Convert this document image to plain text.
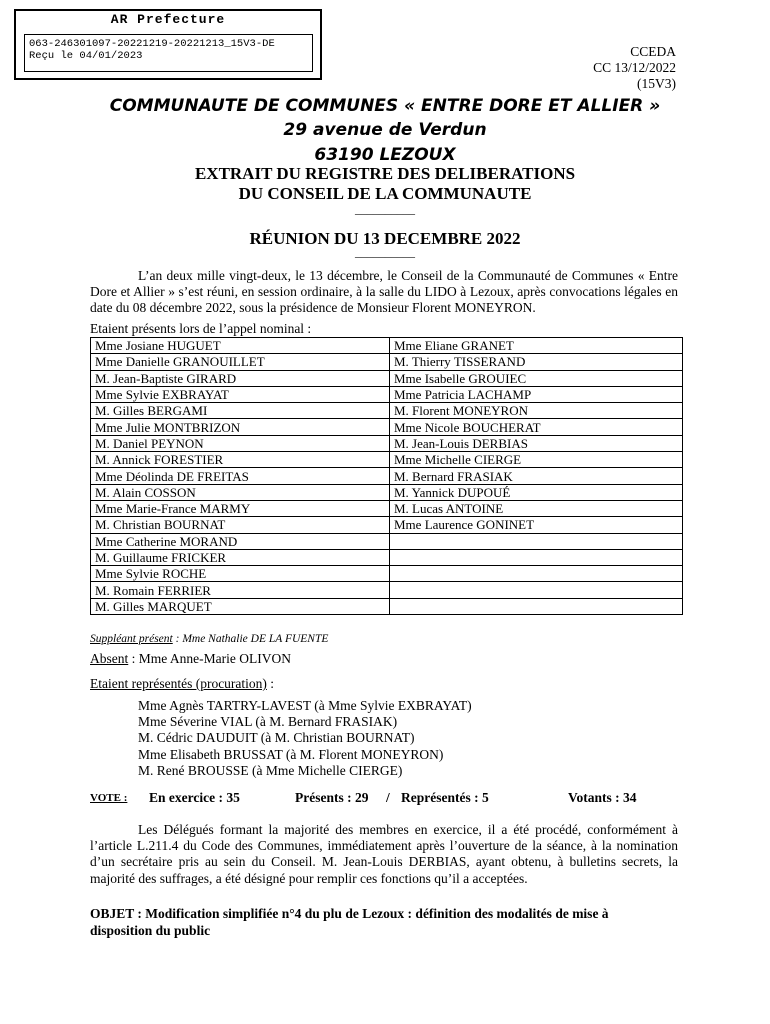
AR Prefecture
063-246301097-20221219-20221213_15V3-DE
Reçu le 04/01/2023	CCEDA
CC 13/12/2022
(15V3)
COMMUNAUTE DE COMMUNES « ENTRE DORE ET ALLIER »
29 avenue de Verdun
63190 LEZOUX
EXTRAIT DU REGISTRE DES DELIBERATIONS
DU CONSEIL DE LA COMMUNAUTE
__________
RÉUNION DU 13 DECEMBRE 2022
__________
L’an deux mille vingt-deux, le 13 décembre, le Conseil de la Communauté de Communes « Entre Dore et Allier » s’est réuni, en session ordinaire, à la salle du LIDO à Lezoux, après convocations légales en date du 08 décembre 2022, sous la présidence de Monsieur Florent MONEYRON.
Etaient présents lors de l’appel nominal :
Mme Josiane HUGUET	Mme Eliane GRANET
Mme Danielle GRANOUILLET	M. Thierry TISSERAND
M. Jean-Baptiste GIRARD	Mme Isabelle GROUIEC
Mme Sylvie EXBRAYAT	Mme Patricia LACHAMP
M. Gilles BERGAMI	M. Florent MONEYRON
Mme Julie MONTBRIZON	Mme Nicole BOUCHERAT
M. Daniel PEYNON	M. Jean-Louis DERBIAS
M. Annick FORESTIER	Mme Michelle CIERGE
Mme Déolinda DE FREITAS	M. Bernard FRASIAK
M. Alain COSSON	M. Yannick DUPOUÉ
Mme Marie-France MARMY	M. Lucas ANTOINE
M. Christian BOURNAT	Mme Laurence GONINET
Mme Catherine MORAND	
M. Guillaume FRICKER	
Mme Sylvie ROCHE	
M. Romain FERRIER	
M. Gilles MARQUET	
Suppléant présent : Mme Nathalie DE LA FUENTE
Absent : Mme Anne-Marie OLIVON
Etaient représentés (procuration) :
Mme Agnès TARTRY-LAVEST (à Mme Sylvie EXBRAYAT)
Mme Séverine VIAL (à M. Bernard FRASIAK)
M. Cédric DAUDUIT (à M. Christian BOURNAT)
Mme Elisabeth BRUSSAT (à M. Florent MONEYRON)
M. René BROUSSE (à Mme Michelle CIERGE)
VOTE : En exercice : 35	Présents : 29 / Représentés : 5	Votants : 34
Les Délégués formant la majorité des membres en exercice, il a été procédé, conformément à l’article L.211.4 du Code des Communes, immédiatement après l’ouverture de la séance, à la nomination d’un secrétaire pris au sein du Conseil. M. Jean-Louis DERBIAS, ayant obtenu, à bulletins secrets, la majorité des suffrages, a été désigné pour remplir ces fonctions qu’il a acceptées.
OBJET : Modification simplifiée n°4 du plu de Lezoux : définition des modalités de mise à disposition du public
